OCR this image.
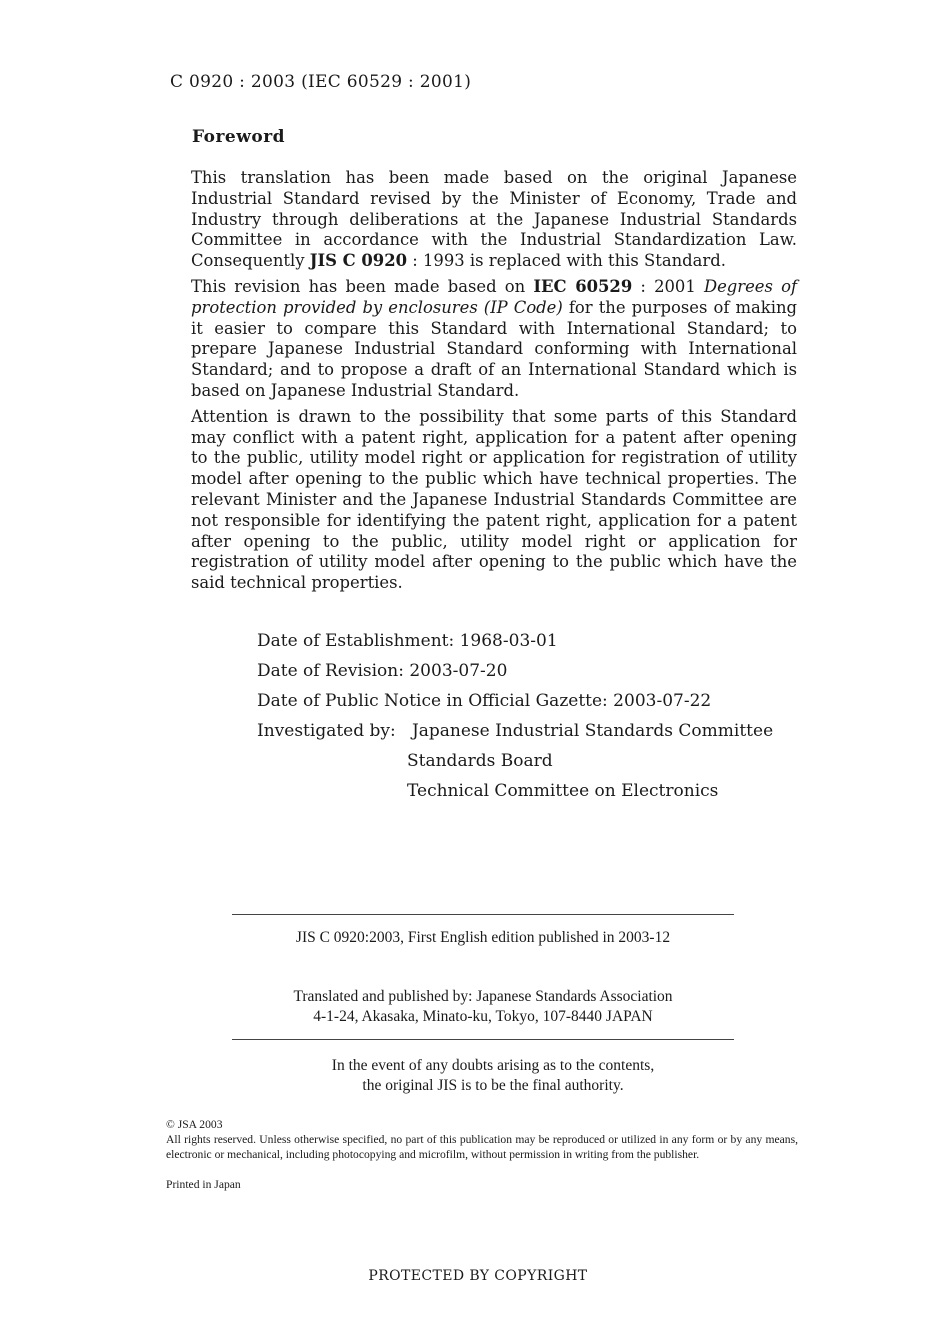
C 0920 : 2003 (IEC 60529 : 2001)
Foreword

This translation has been made based on the original Japanese Industrial Standard revised by the Minister of Economy, Trade and Industry through deliberations at the Japanese Industrial Standards Committee in accordance with the Industrial Standardization Law. Consequently JIS C 0920 : 1993 is replaced with this Standard.

This revision has been made based on IEC 60529 : 2001 Degrees of protection provided by enclosures (IP Code) for the purposes of making it easier to compare this Standard with International Standard; to prepare Japanese Industrial Standard conforming with International Standard; and to propose a draft of an International Standard which is based on Japanese Industrial Standard.

Attention is drawn to the possibility that some parts of this Standard may conflict with a patent right, application for a patent after opening to the public, utility model right or application for registration of utility model after opening to the public which have technical properties. The relevant Minister and the Japanese Industrial Standards Committee are not responsible for identifying the patent right, application for a patent after opening to the public, utility model right or application for registration of utility model after opening to the public which have the said technical properties.

Date of Establishment: 1968-03-01
Date of Revision: 2003-07-20
Date of Public Notice in Official Gazette: 2003-07-22
Investigated by: Japanese Industrial Standards Committee
Standards Board
Technical Committee on Electronics
JIS C 0920:2003, First English edition published in 2003-12
Translated and published by: Japanese Standards Association
4-1-24, Akasaka, Minato-ku, Tokyo, 107-8440 JAPAN
In the event of any doubts arising as to the contents,
the original JIS is to be the final authority.

© JSA 2003

All rights reserved. Unless otherwise specified, no part of this publication may be reproduced or utilized in any form or by any means, electronic or mechanical, including photocopying and microfilm, without permission in writing from the publisher.

Printed in Japan

PROTECTED BY COPYRIGHT
